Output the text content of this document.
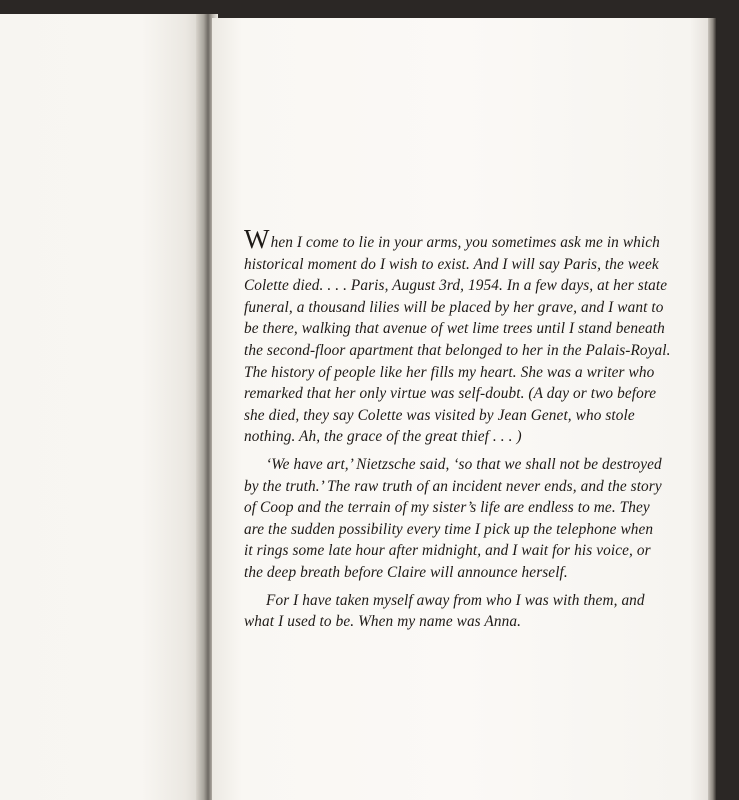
When I come to lie in your arms, you sometimes ask me in which
historical moment do I wish to exist. And I will say Paris, the week
Colette died. . . . Paris, August 3rd, 1954. In a few days, at her state
funeral, a thousand lilies will be placed by her grave, and I want to
be there, walking that avenue of wet lime trees until I stand beneath
the second-floor apartment that belonged to her in the Palais-Royal.
The history of people like her fills my heart. She was a writer who
remarked that her only virtue was self-doubt. (A day or two before
she died, they say Colette was visited by Jean Genet, who stole
nothing. Ah, the grace of the great thief . . . )

‘We have art,’ Nietzsche said, ‘so that we shall not be destroyed
by the truth.’ The raw truth of an incident never ends, and the story
of Coop and the terrain of my sister’s life are endless to me. They
are the sudden possibility every time I pick up the telephone when
it rings some late hour after midnight, and I wait for his voice, or
the deep breath before Claire will announce herself.

For I have taken myself away from who I was with them, and
what I used to be. When my name was Anna.
